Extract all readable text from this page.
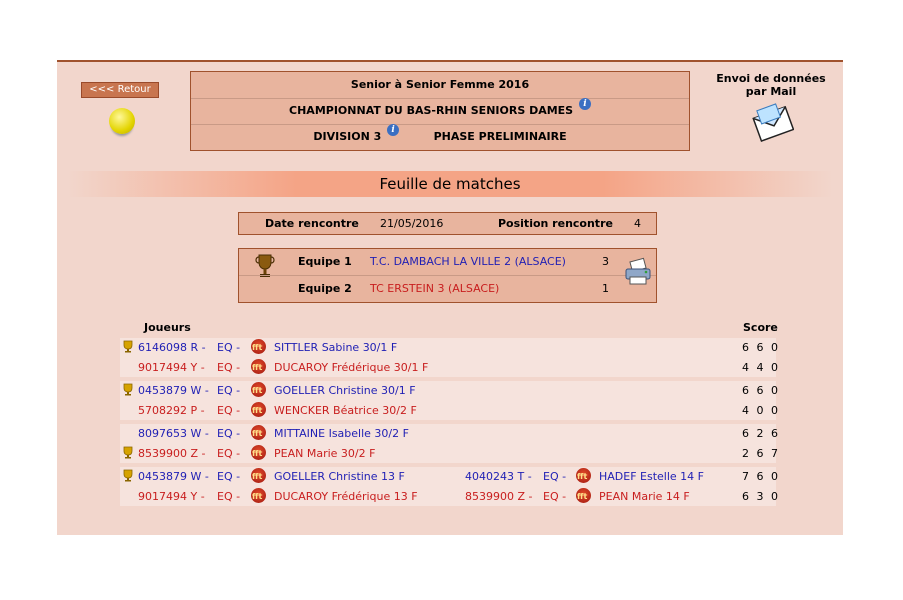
<<< Retour	Senior à Senior Femme 2016
CHAMPIONNAT DU BAS-RHIN SENIORS DAMES i
DIVISION 3 i	PHASE PRELIMINAIRE
Envoi de données
par Mail
Feuille de matches
Date rencontre 21/05/2016	Position rencontre 4
Equipe 1 T.C. DAMBACH LA VILLE 2 (ALSACE)	3
Equipe 2 TC ERSTEIN 3 (ALSACE)	1
Joueurs	Score
6146098 R - EQ - fft	SITTLER Sabine 30/1 F	6 6 0
9017494 Y - EQ - fft	DUCAROY Frédérique 30/1 F	4 4 0
0453879 W - EQ - fft	GOELLER Christine 30/1 F	6 6 0
5708292 P - EQ - fft	WENCKER Béatrice 30/2 F	4 0 0
8097653 W - EQ - fft	MITTAINE Isabelle 30/2 F	6 2 6
8539900 Z - EQ - fft	PEAN Marie 30/2 F	2 6 7
0453879 W - EQ - fft	GOELLER Christine 13 F	4040243 T - EQ - fft	HADEF Estelle 14 F	7 6 0
9017494 Y - EQ - fft	DUCAROY Frédérique 13 F	8539900 Z - EQ - fft	PEAN Marie 14 F	6 3 0
